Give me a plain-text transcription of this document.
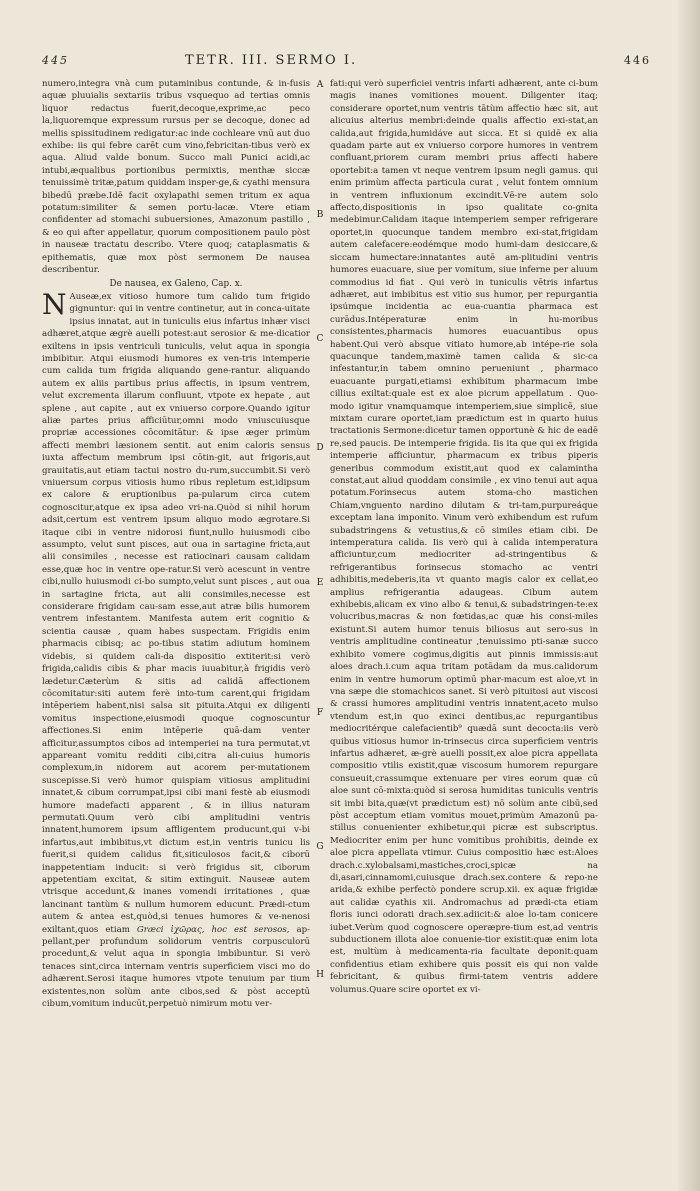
445	TETR. III. SERMO I.	446

numero,integra vnà cum putaminibus contunde, & in-fusis aquæ pluuialis sextariis tribus vsquequo ad tertias omnis liquor redactus fuerit,decoque,exprime,ac peco la,liquoremque expressum rursus per se decoque, donec ad mellis spissitudinem redigatur:ac inde cochleare vnū aut duo exhibe: iis qui febre carēt cum vino,febricitan-tibus verò ex aqua. Aliud valde bonum. Succo mali Punici acidi,ac intubi,æqualibus portionibus permixtis, menthæ siccæ tenuissimè tritæ,patum quiddam insper-ge,& cyathi mensura bibedū præbe.Idē facit oxylapathi semen tritum ex aqua potatum:similiter & semen portu-lacæ. Vtere etiam confidenter ad stomachi subuersiones, Amazonum pastillo , & eo qui after appellatur, quorum compositionem paulo pòst in nauseæ tractatu describo. Vtere quoq; cataplasmatis & epithematis, quæ mox pòst sermonem De nausea describentur.

De nausea, ex Galeno, Cap. x.

N Auseæ,ex vitioso humore tum calido tum frigido gignuntur: qui in ventre continetur, aut in conca-uitate ipsius innatat, aut in tuniculis eius infartus inhær visci adhæret,atque ægrè auelli potest:aut serosior & me-dicatior exiltens in ipsis ventriculi tuniculis, velut aqua in spongia imbibitur. Atqui eiusmodi humores ex ven-tris intemperie cum calida tum frigida aliquando gene-rantur. aliquando autem ex aliis partibus prius affectis, in ipsum ventrem, velut excrementa illarum confluunt, vtpote ex hepate , aut splene , aut capite , aut ex vniuerso corpore.Quando igitur aliæ partes prius afficiūtur,omni modo vniuscuiusque propriæ accessiones cōcomitātur: & ipse æger primùm affecti membri læsionem sentit. aut enim caloris sensus iuxta affectum membrum ipsi cōtin-git, aut frigoris,aut grauitatis,aut etiam tactui nostro du-rum,succumbit.Si verò vniuersum corpus vitiosis humo ribus repletum est,idipsum ex calore & eruptionibus pa-pularum circa cutem cognoscitur,atque ex ipsa adeo vri-na.Quòd si nihil horum adsit,certum est ventrem ipsum aliquo modo ægrotare.Si itaque cibi in ventre nidorosi fiunt,nullo huiusmodi cibo assumpto, velut sunt pisces, aut oua in sartagine fricta,aut alii consimiles , necesse est ratiocinari causam calidam esse,quæ hoc in ventre ope-ratur.Si verò acescunt in ventre cibi,nullo huiusmodi ci-bo sumpto,velut sunt pisces , aut oua in sartagine fricta, aut alii consimiles,necesse est considerare frigidam cau-sam esse,aut atræ bilis humorem ventrem infestantem. Manifesta autem erit cognitio & scientia causæ , quam habes suspectam. Frigidis enim pharmacis cibisq; ac po-tibus statim adiutum hominem videbis, si quidem cali-da dispositio extiterit:si verò frigida,calidis cibis & phar macis iuuabitur,à frigidis verò lædetur.Cæterùm & sitis ad calidā affectionem cōcomitatur:siti autem ferè into-tum carent,qui frigidam intēperiem habent,nisi salsa sit pituita.Atqui ex diligenti vomitus inspectione,eiusmodi quoque cognoscuntur affectiones.Si enim intēperie quā-dam venter afficitur,assumptos cibos ad intemperiei na tura permutat,vt appareant vomitu redditi cibi,citra ali-cuius humoris complexum,in nidorem aut acorem per-mutationem suscepisse.Si verò humor quispiam vitiosus amplitudini innatet,& cibum corrumpat,ipsi cibi mani festè ab eiusmodi humore madefacti apparent , & in illius naturam permutati.Quum verò cibi amplitudini ventris innatent,humorem ipsum affligentem producunt,qui v-bi infartus,aut imbibitus,vt dictum est,in ventris tunicu lis fuerit,si quidem calidus fit,siticulosos facit,& ciborū inappetentiam inducit: si verò frigidus sit, ciborum appetentiam excitat, & sitim extinguit. Nauseæ autem vtrisque accedunt,& inanes vomendi irritationes , quæ lancinant tantùm & nullum humorem educunt. Prædi-ctum autem & antea est,quòd,si tenues humores & ve-nenosi exiltant,quos etiam Græci ἰχῶρας, hoc est serosos, ap-pellant,per profundum solidorum ventris corpusculorū procedunt,& velut aqua in spongia imbibuntur. Si verò tenaces sint,circa internam ventris superficiem visci mo do adhærent.Serosi itaque humores vtpote tenuium par tium existentes,non solùm ante cibos,sed & pòst acceptū cibum,vomitum inducūt,perpetuò nimirum motu ver-

A
B
C
D
E
F
G
H

fati:qui verò superficiei ventris infarti adhærent, ante ci-bum magis inanes vomitiones mouent. Diligenter itaq; considerare oportet,num ventris tātùm affectio hæc sit, aut alicuius alterius membri:deinde qualis affectio exi-stat,an calida,aut frigida,humidáve aut sicca. Et si quidē ex alia quadam parte aut ex vniuerso corpore humores in ventrem confluant,priorem curam membri prius affecti habere oportebit:a tamen vt neque ventrem ipsum negli gamus. qui enim primùm affecta particula curat , velut fontem omnium in ventrem influxionum excindit.Vē-re autem solo affecto,dispositionis in ipso qualitate co-gnita medebimur.Calidam itaque intemperiem semper refrigerare oportet,in quocunque tandem membro exi-stat,frigidam autem calefacere:eodémque modo humi-dam desiccare,& siccam humectare:innatantes autē am-plitudini ventris humores euacuare, siue per vomitum, siue inferne per aluum commodius id fiat . Qui verò in tuniculis vētris infartus adhæret, aut imbibitus est vitio sus humor, per repurgantia ipsúmque incidentia ac eua-cuantia pharmaca est curādus.Intéperaturæ enim in hu-moribus consistentes,pharmacis humores euacuantibus opus habent.Qui verò absque vitiato humore,ab intépe-rie sola quacunque tandem,maximè tamen calida & sic-ca infestantur,in tabem omnino perueniunt , pharmaco euacuante purgati,etiamsi exhibitum pharmacum imbe cillius exiltat:quale est ex aloe picrum appellatum . Quo-modo igitur vnamquamque intemperiem,siue simplicē, siue mixtam curare oportet,iam prædictum est in quarto huius tractationis Sermone:dicetur tamen opportunè & hic de eadē re,sed paucis. De intemperie frigida. Iis ita que qui ex frigida intemperie afficiuntur, pharmacum ex tribus piperis generibus commodum existit,aut quod ex calamintha constat,aut aliud quoddam consimile , ex vino tenui aut aqua potatum.Forinsecus autem stoma-cho mastichen Chiam,vnguento nardino dilutam & tri-tam,purpureáque exceptam lana imponito. Vinum verò exhibendum est rufum subadstringens & vetustius,& cō similes etiam cibi. De intemperatura calida. Iis verò qui à calida intemperatura afficiuntur,cum mediocriter ad-stringentibus & refrigerantibus forinsecus stomacho ac ventri adhibitis,medeberis,ita vt quanto magis calor ex cellat,eo amplius refrigerantia adaugeas. Cibum autem exhibebis,alicam ex vino albo & tenui,& subadstringen-te:ex volucribus,macras & non fœtidas,ac quæ his consi-miles existunt.Si autem humor tenuis biliosus aut sero-sus in ventris amplitudine contineatur ,tenuissimo pti-sanæ succo exhibito vomere cogimus,digitis aut pinnis immissis:aut aloes drach.i.cum aqua tritam potādam da mus.calidorum enim in ventre humorum optimū phar-macum est aloe,vt in vna sæpe die stomachicos sanet. Si verò pituitosi aut viscosi & crassi humores amplitudini ventris innatent,aceto mulso vtendum est,in quo exinci dentibus,ac repurgantibus mediocritérque calefacientib⁹ quædā sunt decocta:iis verò quibus vitiosus humor in-trinsecus circa superficiem ventris infartus adhæret, æ-grè auelli possit,ex aloe picra appellata compositio vtilis existit,quæ viscosum humorem repurgare consueuit,crassumque extenuare per vires eorum quæ cū aloe sunt cō-mixta:quòd si serosa humiditas tuniculis ventris sit imbi bita,quæ(vt prædictum est) nō solùm ante cibū,sed pòst acceptum etiam vomitus mouet,primùm Amazonū pa-stillus conuenienter exhibetur,qui picræ est subscriptus. Mediocriter enim per hunc vomitibus prohibitis, deinde ex aloe picra appellata vtimur. Cuius compositio hæc est:Aloes drach.c.xylobalsami,mastiches,croci,spicæ na di,asari,cinnamomi,cuiusque drach.sex.contere & repo-ne arida,& exhibe perfectò pondere scrup.xii. ex aquæ frigidæ aut calidæ cyathis xii. Andromachus ad prædi-cta etiam floris iunci odorati drach.sex.adiicit:& aloe lo-tam conicere iubet.Verùm quod cognoscere operæpre-tium est,ad ventris subductionem illota aloe conuenie-tior existit:quæ enim lota est, multùm à medicamenta-ria facultate deponit:quam confidentius etiam exhibere quis possit eis qui non valde febricitant, & quibus firmi-tatem ventris addere volumus.Quare scire oportet ex vi-
